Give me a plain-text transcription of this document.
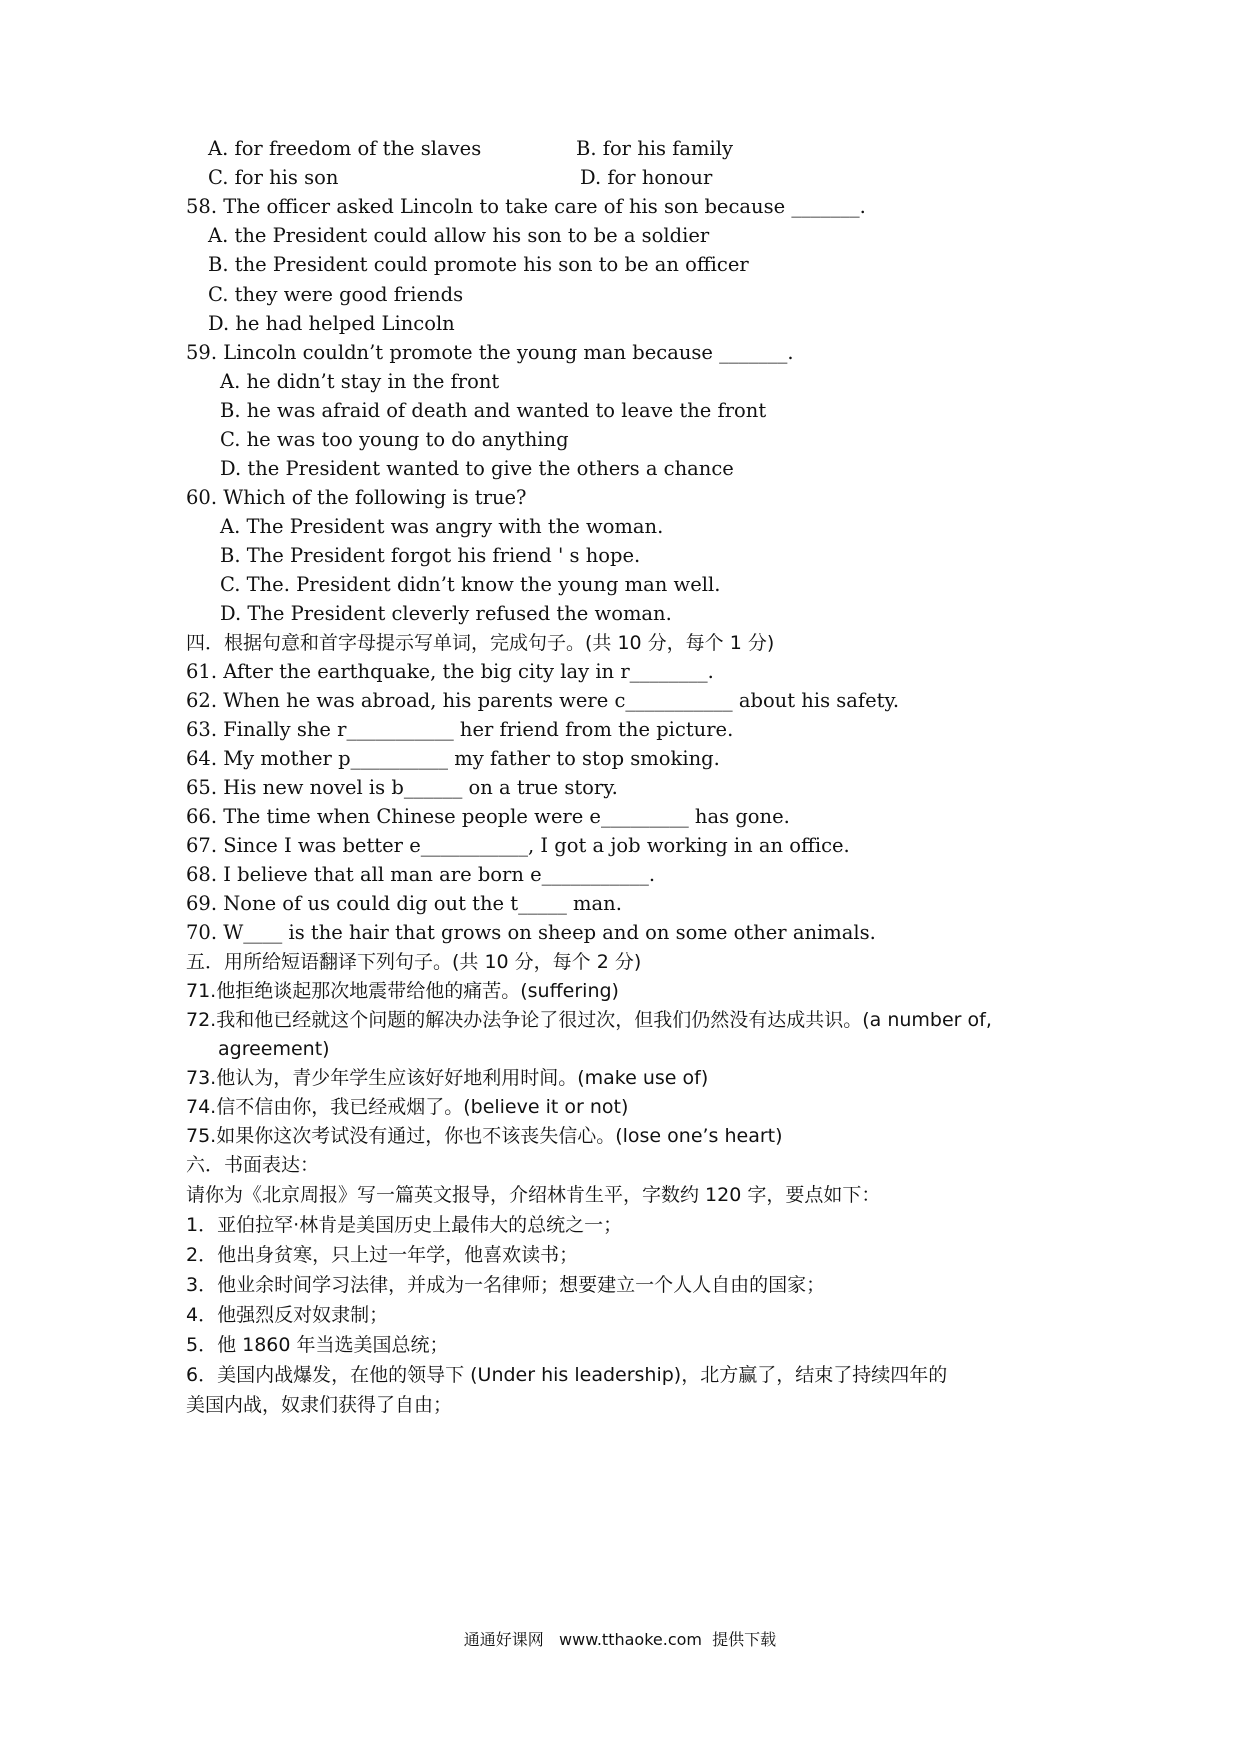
A. for freedom of the slaves	B. for his family
C. for his son	D. for honour
58. The officer asked Lincoln to take care of his son because _______.
A. the President could allow his son to be a soldier
B. the President could promote his son to be an officer
C. they were good friends
D. he had helped Lincoln
59. Lincoln couldn’t promote the young man because _______.
A. he didn’t stay in the front
B. he was afraid of death and wanted to leave the front
C. he was too young to do anything
D. the President wanted to give the others a chance
60. Which of the following is true?
A. The President was angry with the woman.
B. The President forgot his friend ' s hope.
C. The. President didn’t know the young man well.
D. The President cleverly refused the woman.
四．根据句意和首字母提示写单词，完成句子。(共 10 分，每个 1 分)
61. After the earthquake, the big city lay in r________.
62. When he was abroad, his parents were c___________ about his safety.
63. Finally she r___________ her friend from the picture.
64. My mother p__________ my father to stop smoking.
65. His new novel is b______ on a true story.
66. The time when Chinese people were e_________ has gone.
67. Since I was better e___________, I got a job working in an office.
68. I believe that all man are born e___________.
69. None of us could dig out the t_____ man.
70. W____ is the hair that grows on sheep and on some other animals.
五．用所给短语翻译下列句子。(共 10 分，每个 2 分)
71.他拒绝谈起那次地震带给他的痛苦。(suffering)
72.我和他已经就这个问题的解决办法争论了很过次，但我们仍然没有达成共识。(a number of,
agreement)
73.他认为，青少年学生应该好好地利用时间。(make use of)
74.信不信由你，我已经戒烟了。(believe it or not)
75.如果你这次考试没有通过，你也不该丧失信心。(lose one’s heart)
六．书面表达：
请你为《北京周报》写一篇英文报导，介绍林肯生平，字数约 120 字，要点如下：
1．亚伯拉罕·林肯是美国历史上最伟大的总统之一；
2．他出身贫寒，只上过一年学，他喜欢读书；
3．他业余时间学习法律，并成为一名律师；想要建立一个人人自由的国家；
4．他强烈反对奴隶制；
5．他 1860 年当选美国总统；
6．美国内战爆发，在他的领导下 (Under his leadership)，北方赢了，结束了持续四年的
美国内战，奴隶们获得了自由；
通通好课网   www.tthaoke.com  提供下载
